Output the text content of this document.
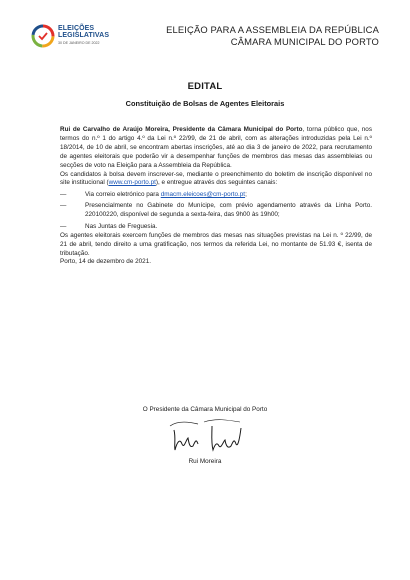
ELEIÇÕES
LEGISLATIVAS
30 DE JANEIRO DE 2022
ELEIÇÃO PARA A ASSEMBLEIA DA REPÚBLICA
CÂMARA MUNICIPAL DO PORTO
EDITAL
Constituição de Bolsas de Agentes Eleitorais

Rui de Carvalho de Araújo Moreira, Presidente da Câmara Municipal do Porto, torna público que, nos termos do n.º 1 do artigo 4.º da Lei n.º 22/99, de 21 de abril, com as alterações introduzidas pela Lei n.º 18/2014, de 10 de abril, se encontram abertas inscrições, até ao dia 3 de janeiro de 2022, para recrutamento de agentes eleitorais que poderão vir a desempenhar funções de membros das mesas das assembleias ou secções de voto na Eleição para a Assembleia da República.

Os candidatos à bolsa devem inscrever-se, mediante o preenchimento do boletim de inscrição disponível no site institucional (www.cm-porto.pt), e entregue através dos seguintes canais:

—	Via correio eletrónico para dmacm.eleicoes@cm-porto.pt;
—	Presencialmente no Gabinete do Munícipe, com prévio agendamento através da Linha Porto. 220100220, disponível de segunda a sexta-feira, das 9h00 às 19h00;
—	Nas Juntas de Freguesia.

Os agentes eleitorais exercem funções de membros das mesas nas situações previstas na Lei n. º 22/99, de 21 de abril, tendo direito a uma gratificação, nos termos da referida Lei, no montante de 51.93 €, isenta de tributação.

Porto, 14 de dezembro de 2021.

O Presidente da Câmara Municipal do Porto
Rui Moreira
